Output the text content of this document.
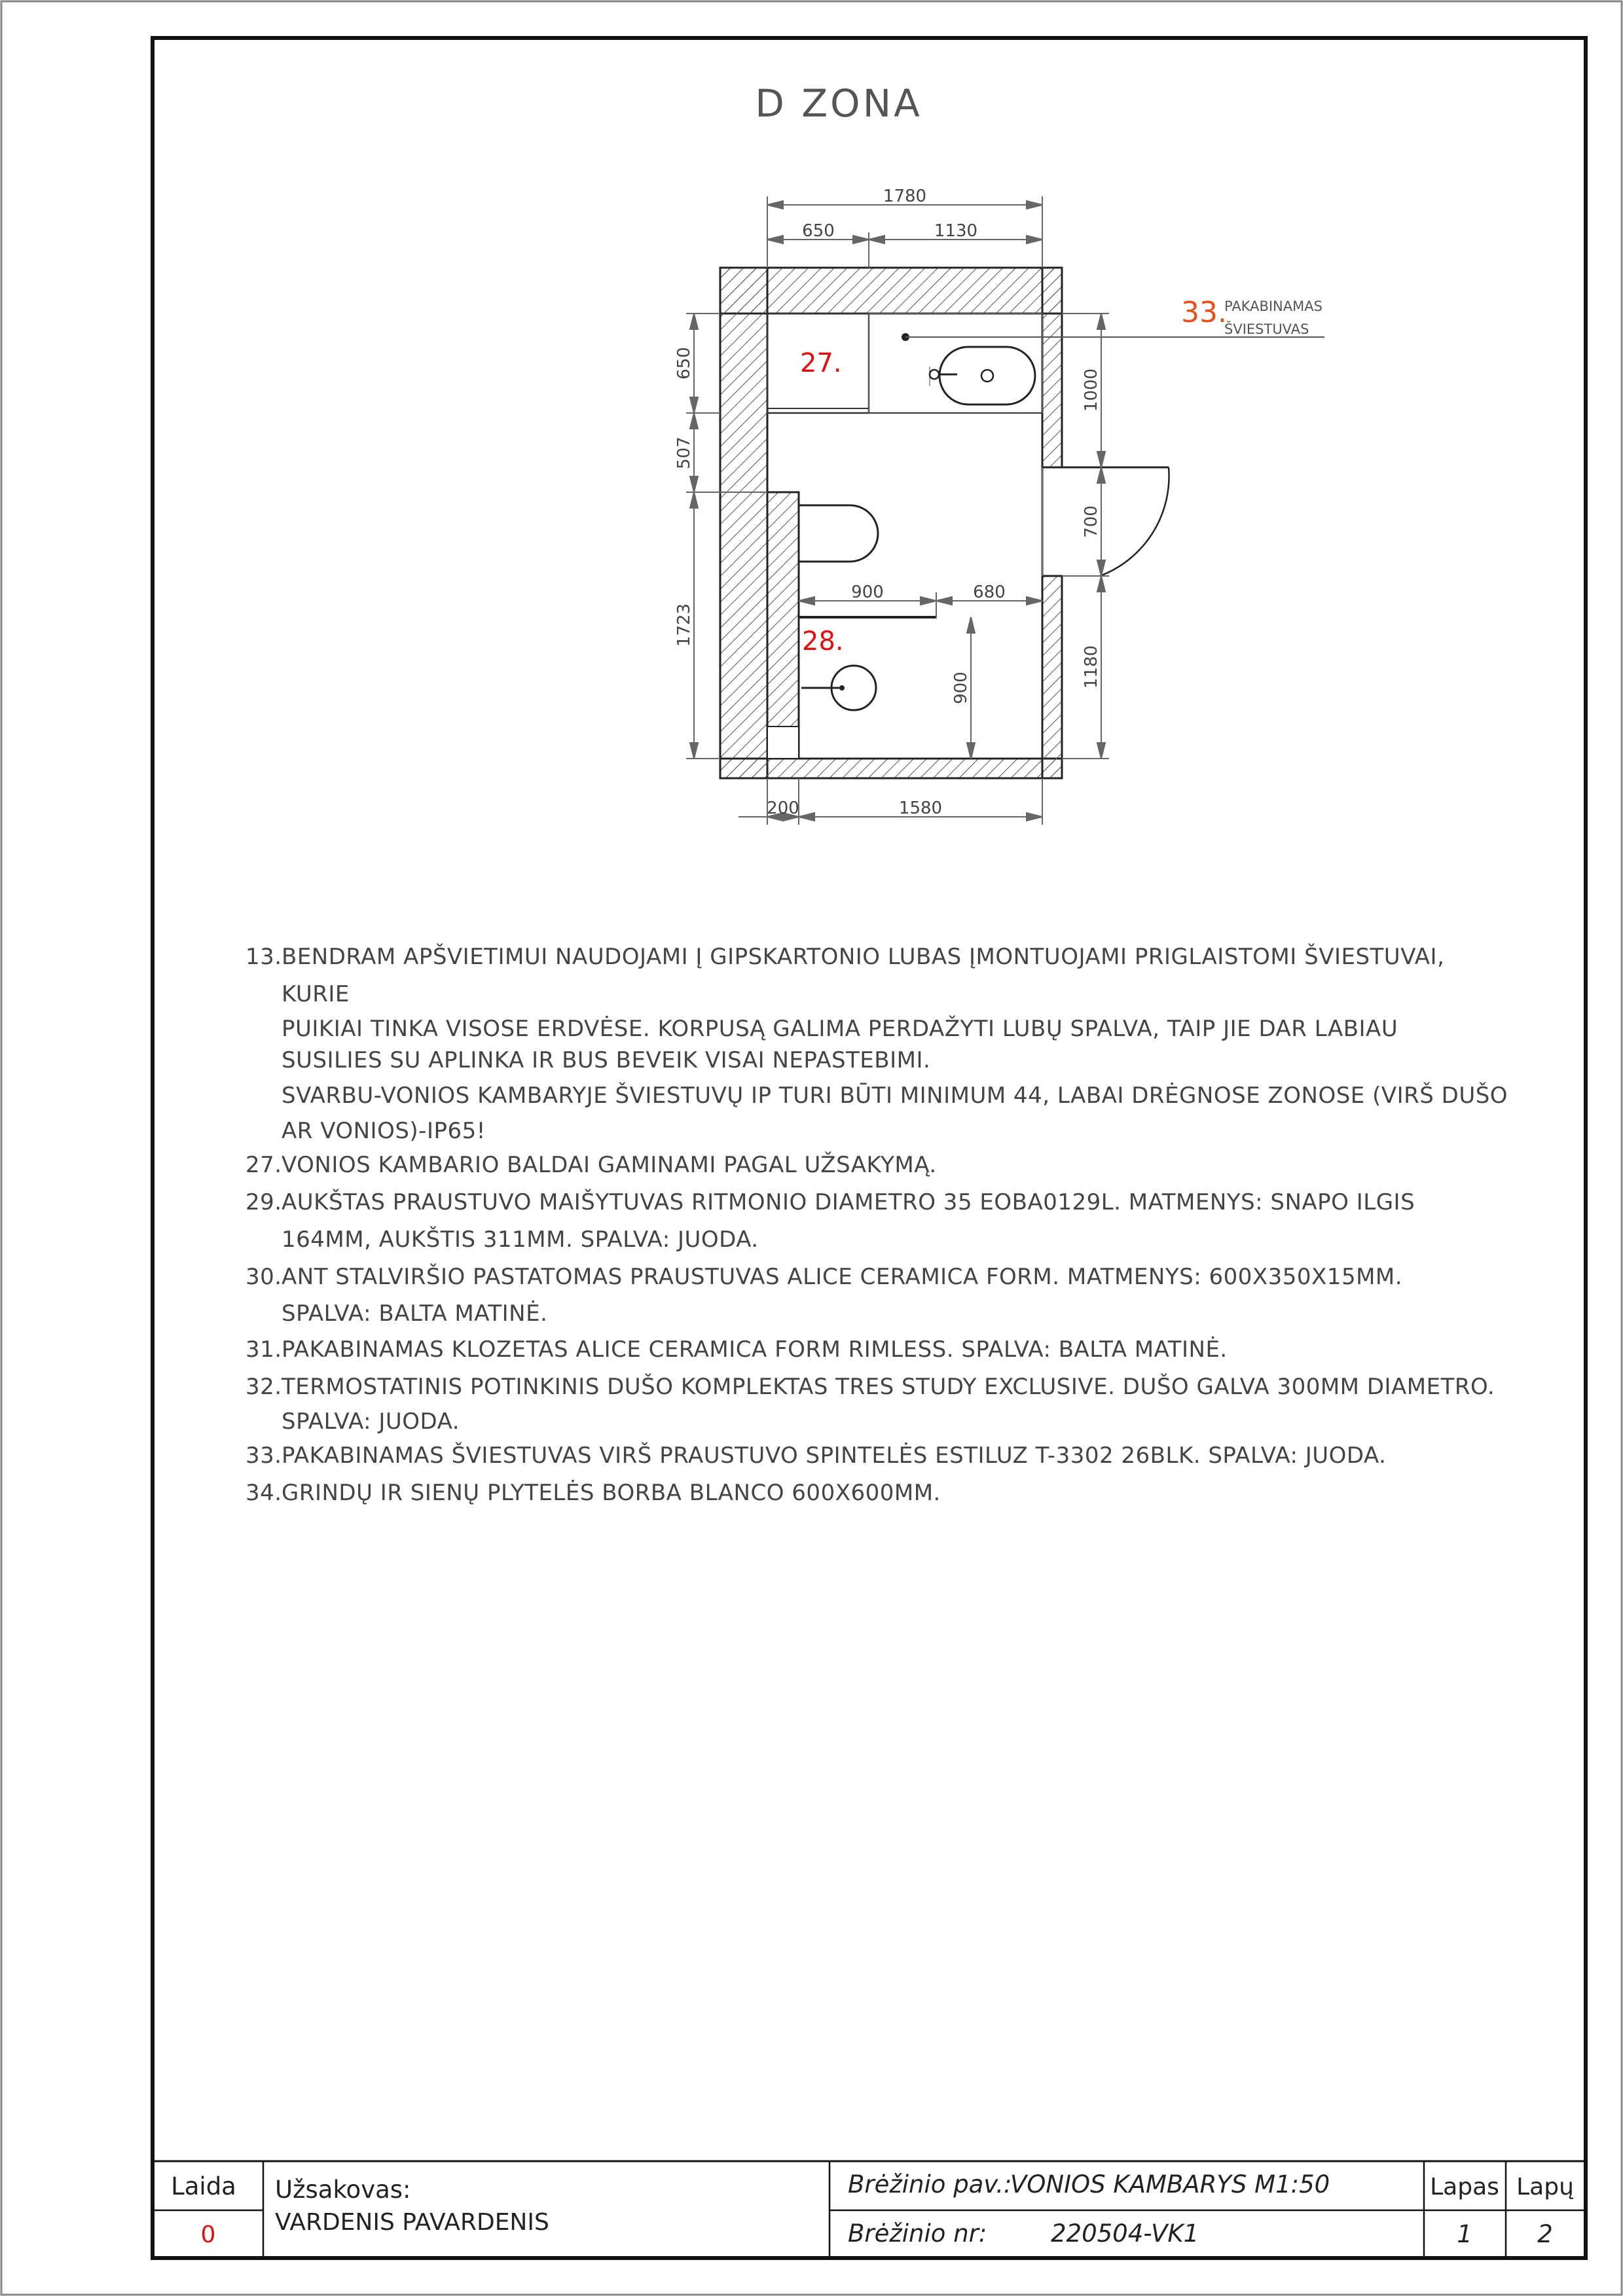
D ZONA
1780
650	1130
650
507
1723
1000
700
1180
900	680
900
200	1580
27.
28.
33.
PAKABINAMAS
ŠVIESTUVAS
Laida
0
Užsakovas:
VARDENIS PAVARDENIS
Brėžinio pav.:
VONIOS KAMBARYS M1:50
Brėžinio nr:	220504-VK1
Lapas
1
Lapų
2
13. BENDRAM APŠVIETIMUI NAUDOJAMI Į GIPSKARTONIO LUBAS ĮMONTUOJAMI PRIGLAISTOMI ŠVIESTUVAI, KURIE

PUIKIAI TINKA VISOSE ERDVĖSE. KORPUSĄ GALIMA PERDAŽYTI LUBŲ SPALVA, TAIP JIE DAR LABIAU

SUSILIES SU APLINKA IR BUS BEVEIK VISAI NEPASTEBIMI.

SVARBU-VONIOS KAMBARYJE ŠVIESTUVŲ IP TURI BŪTI MINIMUM 44, LABAI DRĖGNOSE ZONOSE (VIRŠ DUŠO

AR VONIOS)-IP65!

27. VONIOS KAMBARIO BALDAI GAMINAMI PAGAL UŽSAKYMĄ.

29. AUKŠTAS PRAUSTUVO MAIŠYTUVAS RITMONIO DIAMETRO 35 EOBA0129L. MATMENYS: SNAPO ILGIS

164MM, AUKŠTIS 311MM. SPALVA: JUODA.

30. ANT STALVIRŠIO PASTATOMAS PRAUSTUVAS ALICE CERAMICA FORM. MATMENYS: 600X350X15MM.

SPALVA: BALTA MATINĖ.

31. PAKABINAMAS KLOZETAS ALICE CERAMICA FORM RIMLESS. SPALVA: BALTA MATINĖ.

32. TERMOSTATINIS POTINKINIS DUŠO KOMPLEKTAS TRES STUDY EXCLUSIVE. DUŠO GALVA 300MM DIAMETRO.

SPALVA: JUODA.

33. PAKABINAMAS ŠVIESTUVAS VIRŠ PRAUSTUVO SPINTELĖS ESTILUZ T-3302 26BLK. SPALVA: JUODA.

34. GRINDŲ IR SIENŲ PLYTELĖS BORBA BLANCO 600X600MM.
